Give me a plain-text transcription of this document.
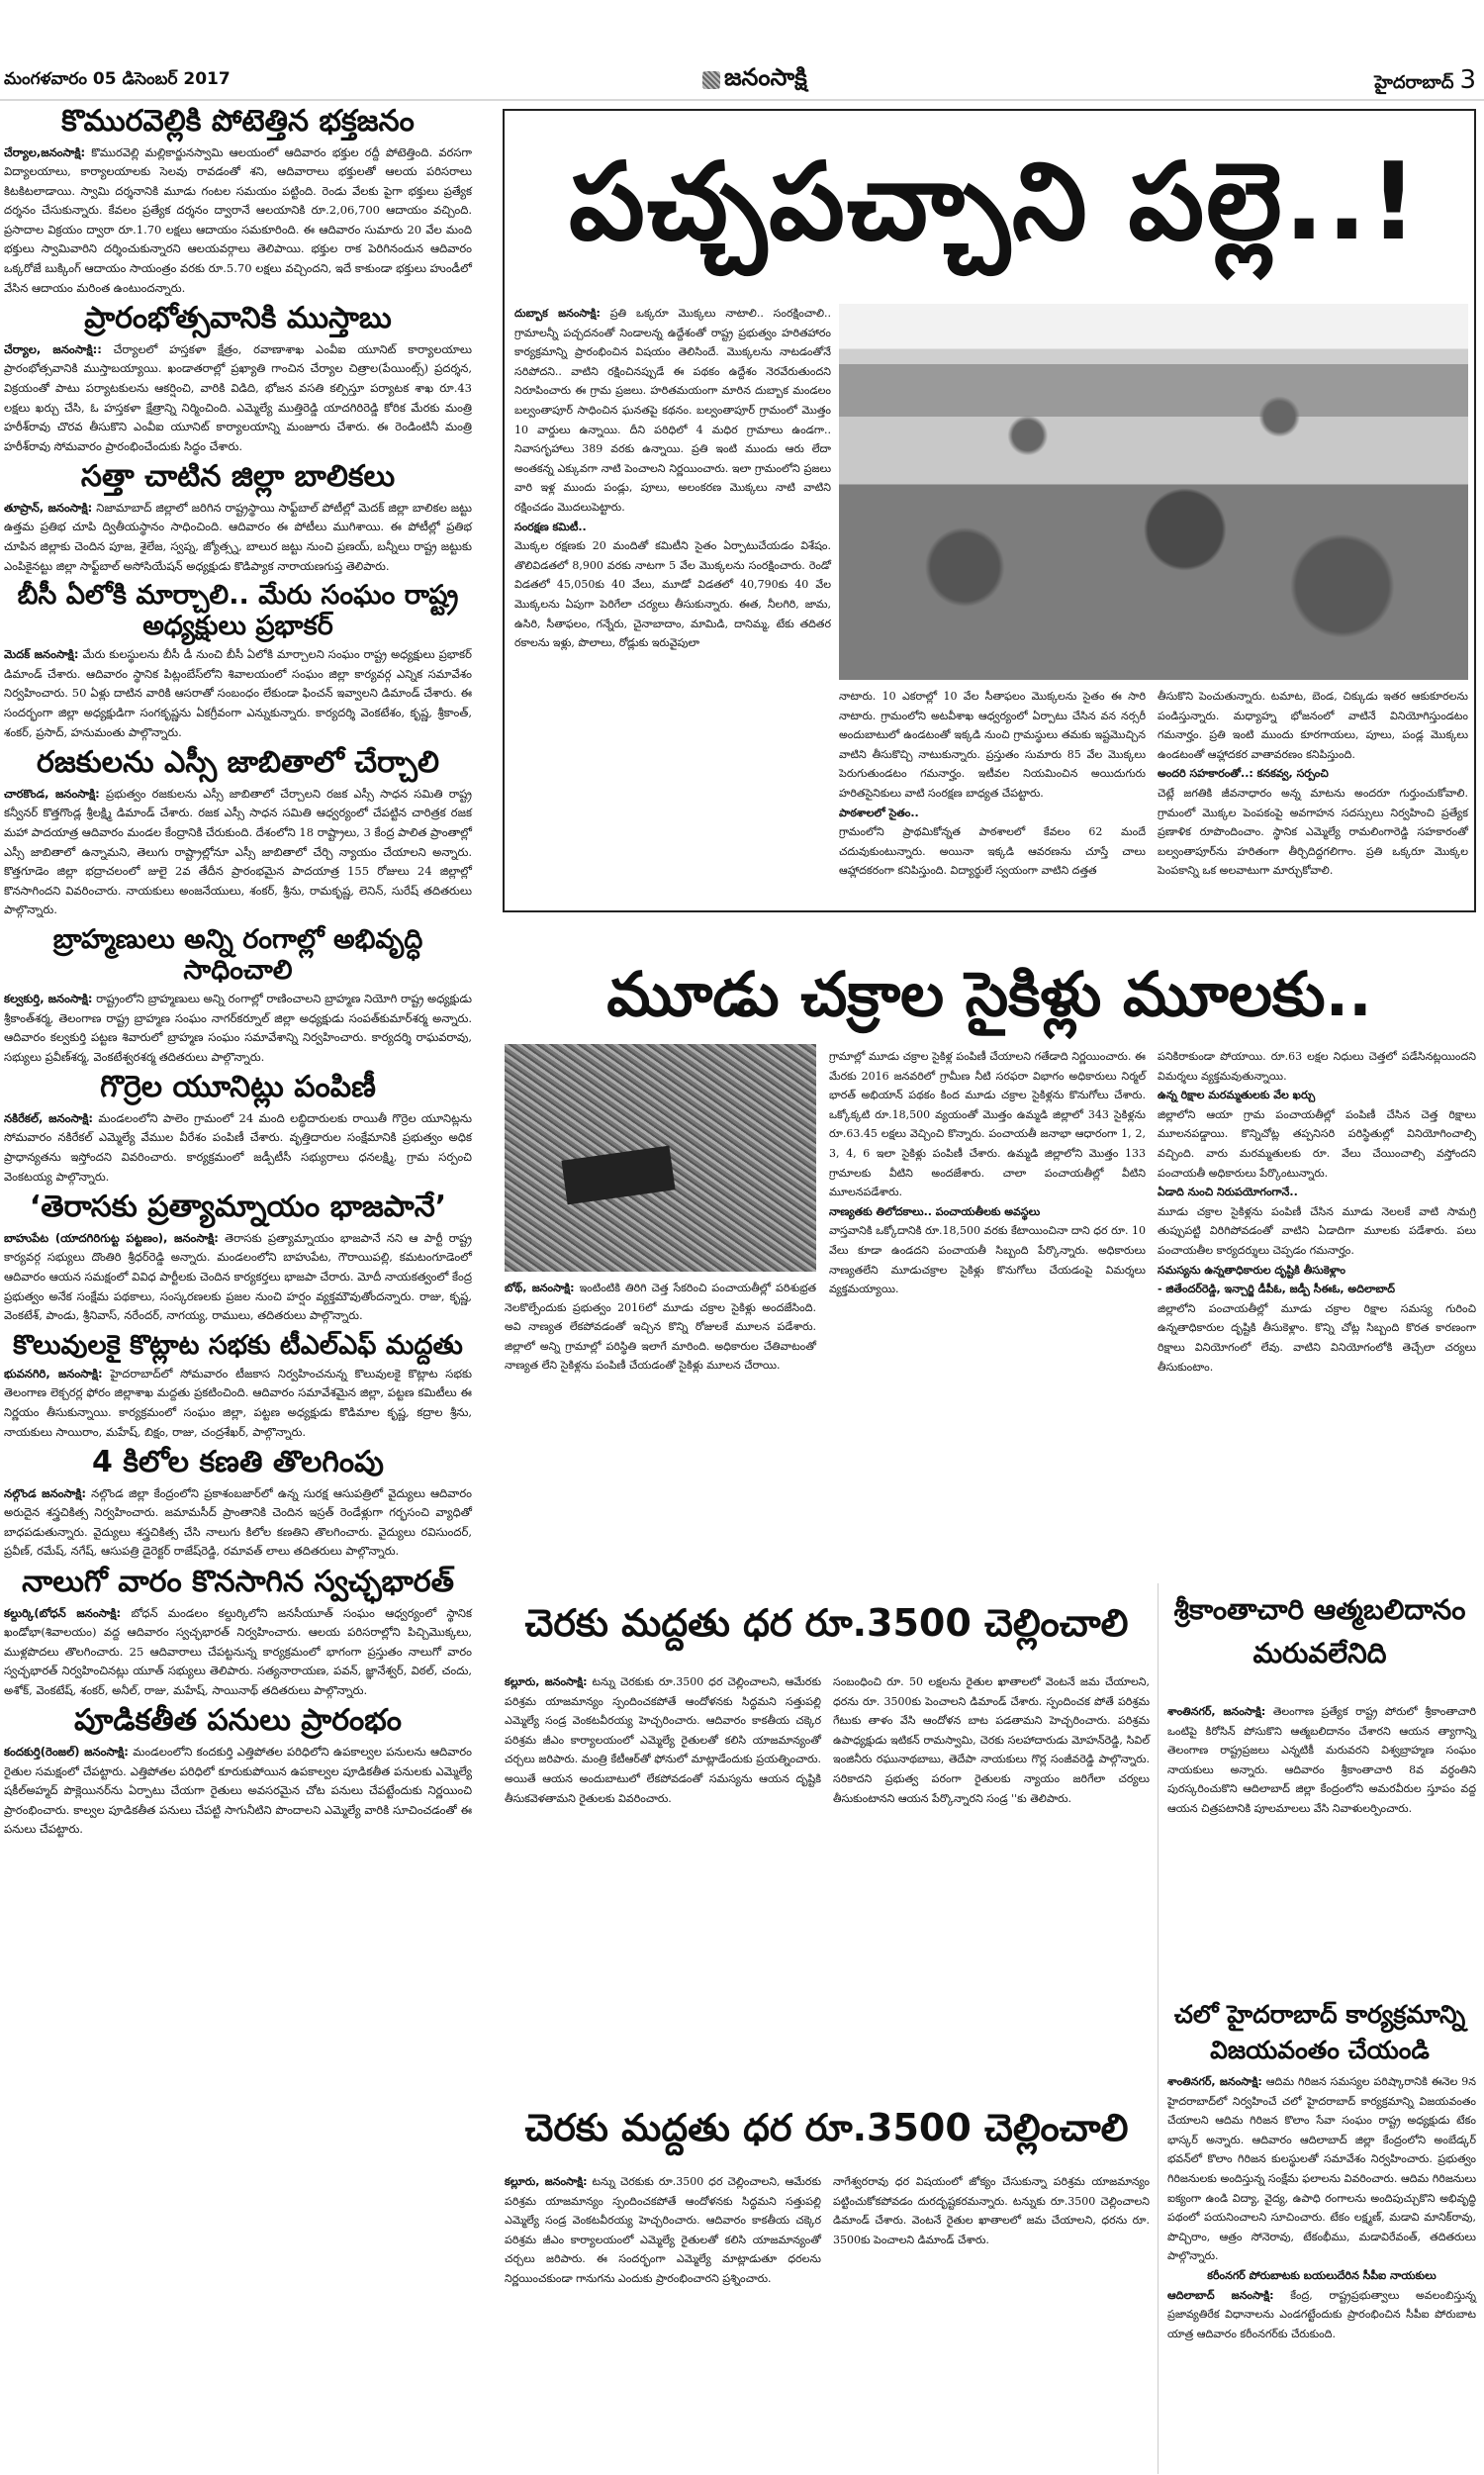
మంగళవారం 05 డిసెంబర్ 2017	జనంసాక్షి	హైదరాబాద్ 3
కొమురవెల్లికి పోటెత్తిన భక్తజనం

చేర్యాల,జనంసాక్షి: కొమురవెల్లి మల్లికార్జునస్వామి ఆలయంలో ఆదివారం భక్తుల రద్దీ పోటెత్తింది. వరసగా విద్యాలయాలు, కార్యాలయాలకు సెలవు రావడంతో శని, ఆదివారాలు భక్తులతో ఆలయ పరిసరాలు కిటకిటలాడాయి. స్వామి దర్శనానికి మూడు గంటల సమయం పట్టింది. రెండు వేలకు పైగా భక్తులు ప్రత్యేక దర్శనం చేసుకున్నారు. కేవలం ప్రత్యేక దర్శనం ద్వారానే ఆలయానికి రూ.2,06,700 ఆదాయం వచ్చింది. ప్రసాదాల విక్రయం ద్వారా రూ.1.70 లక్షలు ఆదాయం సమకూరింది. ఈ ఆదివారం సుమారు 20 వేల మంది భక్తులు స్వామివారిని దర్శించుకున్నారని ఆలయవర్గాలు తెలిపాయి. భక్తుల రాక పెరిగినందున ఆదివారం ఒక్కరోజే బుక్కింగ్ ఆదాయం సాయంత్రం వరకు రూ.5.70 లక్షలు వచ్చిందని, ఇదే కాకుండా భక్తులు హుండీలో వేసిన ఆదాయం మరింత ఉంటుందన్నారు.

ప్రారంభోత్సవానికి ముస్తాబు

చేర్యాల, జనంసాక్షి:: చేర్యాలలో హస్తకళా క్షేత్రం, రవాణాశాఖ ఎంవీఐ యూనిట్ కార్యాలయాలు ప్రారంభోత్సవానికి ముస్తాబయ్యాయి. ఖండాతరాల్లో ప్రఖ్యాతి గాంచిన చేర్యాల చిత్రాల(పేయింట్స్) ప్రదర్శన, విక్రయంతో పాటు పర్యాటకులను ఆకర్షించి, వారికి విడిది, భోజన వసతి కల్పిస్తూ పర్యాటక శాఖ రూ.43 లక్షలు ఖర్చు చేసి, ఓ హస్తకళా క్షేత్రాన్ని నిర్మించింది. ఎమ్మెల్యే ముత్తిరెడ్డి యాదగిరిరెడ్డి కోరిక మేరకు మంత్రి హరీశ్‌రావు చొరవ తీసుకొని ఎంవీఐ యూనిట్ కార్యాలయాన్ని మంజూరు చేశారు. ఈ రెండింటినీ మంత్రి హరీశ్‌రావు సోమవారం ప్రారంభించేందుకు సిద్ధం చేశారు.

సత్తా చాటిన జిల్లా బాలికలు

తూప్రాన్, జనంసాక్షి: నిజామాబాద్ జిల్లాలో జరిగిన రాష్ట్రస్థాయి సాఫ్ట్‌బాల్ పోటీల్లో మెదక్ జిల్లా బాలికల జట్టు ఉత్తమ ప్రతిభ చూపి ద్వితీయస్థానం సాధించింది. ఆదివారం ఈ పోటీలు ముగిశాయి. ఈ పోటీల్లో ప్రతిభ చూపిన జిల్లాకు చెందిన పూజ, శైలేజ, స్వప్న, జ్యోత్స్న, బాలుర జట్టు నుంచి ప్రణయ్, బన్నీలు రాష్ట్ర జట్టుకు ఎంపికైనట్టు జిల్లా సాఫ్ట్‌బాల్ అసోసియేషన్ అధ్యక్షుడు కొడిప్యాక నారాయణగుప్త తెలిపారు.

బీసీ ఏలోకి మార్చాలి.. మేరు సంఘం రాష్ట్ర అధ్యక్షులు ప్రభాకర్

మెదక్ జనంసాక్షి: మేరు కులస్థులను బీసీ డీ నుంచి బీసీ ఏలోకి మార్చాలని సంఘం రాష్ట్ర అధ్యక్షులు ప్రభాకర్ డిమాండ్ చేశారు. ఆదివారం స్థానిక పిట్లంబేస్‌లోని శివాలయంలో సంఘం జిల్లా కార్యవర్గ ఎన్నిక సమావేశం నిర్వహించారు. 50 ఏళ్లు దాటిన వారికి ఆసరాతో సంబంధం లేకుండా ఫించన్ ఇవ్వాలని డిమాండ్ చేశారు. ఈ సందర్భంగా జిల్లా అధ్యక్షుడిగా సంగకృష్ణను ఏకగ్రీవంగా ఎన్నుకున్నారు. కార్యదర్శి వెంకటేశం, కృష్ణ, శ్రీకాంత్, శంకర్, ప్రసాద్, హనుమంతు పాల్గొన్నారు.

రజకులను ఎస్సీ జాబితాలో చేర్చాలి

చారకొండ, జనంసాక్షి: ప్రభుత్వం రజకులను ఎస్సీ జాబితాలో చేర్చాలని రజక ఎస్సీ సాధన సమితి రాష్ట్ర కన్వీనర్ కొత్తగొండ్ల శ్రీలక్ష్మి డిమాండ్ చేశారు. రజక ఎస్సీ సాధన సమితి ఆధ్వర్యంలో చేపట్టిన చారిత్రక రజక మహా పాదయాత్ర ఆదివారం మండల కేంద్రానికి చేరుకుంది. దేశంలోని 18 రాష్ట్రాలు, 3 కేంద్ర పాలిత ప్రాంతాల్లో ఎస్సీ జాబితాలో ఉన్నామని, తెలుగు రాష్ట్రాల్లోనూ ఎస్సీ జాబితాలో చేర్చి న్యాయం చేయాలని అన్నారు. కొత్తగూడెం జిల్లా భద్రాచలంలో జులై 2వ తేదీన ప్రారంభమైన పాదయాత్ర 155 రోజులు 24 జిల్లాల్లో కొనసాగిందని వివరించారు. నాయకులు అంజనేయులు, శంకర్, శ్రీను, రామకృష్ణ, లెనిన్, సురేష్ తదితరులు పాల్గొన్నారు.

బ్రాహ్మణులు అన్ని రంగాల్లో అభివృద్ధి సాధించాలి

కల్వకుర్తి, జనంసాక్షి: రాష్ట్రంలోని బ్రాహ్మణులు అన్ని రంగాల్లో రాణించాలని బ్రాహ్మణ నియోగి రాష్ట్ర అధ్యక్షుడు శ్రీకాంత్‌శర్మ, తెలంగాణ రాష్ట్ర బ్రాహ్మణ సంఘం నాగర్‌కర్నూల్ జిల్లా అధ్యక్షుడు సంపత్‌కుమార్‌శర్మ అన్నారు. ఆదివారం కల్వకుర్తి పట్టణ శివారులో బ్రాహ్మణ సంఘం సమావేశాన్ని నిర్వహించారు. కార్యదర్శి రాఘవరావు, సభ్యులు ప్రవీణ్‌శర్మ, వెంకటేశ్వరశర్మ తదితరులు పాల్గొన్నారు.

గొర్రెల యూనిట్లు పంపిణీ

నకిరేకల్, జనంసాక్షి: మండలంలోని పాలెం గ్రామంలో 24 మంది లబ్ధిదారులకు రాయితీ గొర్రెల యూనిట్లను సోమవారం నకిరేకల్ ఎమ్మెల్యే వేముల వీరేశం పంపిణీ చేశారు. వృత్తిదారుల సంక్షేమానికి ప్రభుత్వం అధిక ప్రాధాన్యతను ఇస్తోందని వివరించారు. కార్యక్రమంలో జడ్పీటీసీ సభ్యురాలు ధనలక్ష్మి, గ్రామ సర్పంచి వెంకటయ్య పాల్గొన్నారు.

‘తెరాసకు ప్రత్యామ్నాయం భాజపానే’

బాహుపేట (యాదగిరిగుట్ట పట్టణం), జనంసాక్షి: తెరాసకు ప్రత్యామ్నాయం భాజపానే నని ఆ పార్టీ రాష్ట్ర కార్యవర్గ సభ్యులు దొంతిరి శ్రీధర్‌రెడ్డి అన్నారు. మండలంలోని బాహుపేట, గౌరాయిపల్లి, కమటంగూడెంలో ఆదివారం ఆయన సమక్షంలో వివిధ పార్టీలకు చెందిన కార్యకర్తలు భాజపా చేరారు. మోదీ నాయకత్వంలో కేంద్ర ప్రభుత్వం అనేక సంక్షేమ పథకాలు, సంస్కరణలకు ప్రజల నుంచి హర్షం వ్యక్తమౌవుతోందన్నారు. రాజు, కృష్ణ, వెంకటేశ్, పాండు, శ్రీనివాస్, నరేందర్, నాగయ్య, రాములు, తదితరులు పాల్గొన్నారు.

కొలువులకై కొట్లాట సభకు టీఎల్‌ఎఫ్ మద్దతు

భువనగిరి, జనంసాక్షి: హైదరాబాద్‌లో సోమవారం టీజకాస నిర్వహించనున్న కొలువులకై కొట్లాట సభకు తెలంగాణ లెక్చరర్ల ఫోరం జిల్లాశాఖ మద్దతు ప్రకటించింది. ఆదివారం సమావేశమైన జిల్లా, పట్టణ కమిటీలు ఈ నిర్ణయం తీసుకున్నాయి. కార్యక్రమంలో సంఘం జిల్లా, పట్టణ అధ్యక్షుడు కొడిమాల కృష్ణ, కద్రాల శ్రీను, నాయకులు సాయిరాం, మహేష్, బిక్షం, రాజు, చంద్రశేఖర్, పాల్గొన్నారు.

4 కిలోల కణతి తొలగింపు

నల్గొండ జనంసాక్షి: నల్గొండ జిల్లా కేంద్రంలోని ప్రకాశంబజార్‌లో ఉన్న సురక్ష ఆసుపత్రిలో వైద్యులు ఆదివారం అరుదైన శస్త్రచికిత్స నిర్వహించారు. జమామసీద్ ప్రాంతానికి చెందిన ఇస్రత్ రెండేళ్లుగా గర్భసంచి వ్యాధితో బాధపడుతున్నారు. వైద్యులు శస్త్రచికిత్స చేసి నాలుగు కిలోల కణతిని తొలగించారు. వైద్యులు రవిసుందర్, ప్రవీణ్, రమేష్, నగేష్, ఆసుపత్రి డైరెక్టర్ రాజేష్‌రెడ్డి, రమావత్ లాలు తదితరులు పాల్గొన్నారు.

నాలుగో వారం కొనసాగిన స్వచ్ఛభారత్

కల్దుర్కి(బోధన్ జనంసాక్షి: బోధన్ మండలం కల్దుర్కిలోని జనసీయూత్ సంఘం ఆధ్వర్యంలో స్థానిక ఖండోభా(శివాలయం) వద్ద ఆదివారం స్వచ్ఛభారత్ నిర్వహించారు. ఆలయ పరిసరాల్లోని పిచ్చిమొక్కలు, ముళ్లపొదలు తొలగించారు. 25 ఆదివారాలు చేపట్టనున్న కార్యక్రమంలో భాగంగా ప్రస్తుతం నాలుగో వారం స్వచ్ఛభారత్ నిర్వహించినట్లు యూత్ సభ్యులు తెలిపారు. సత్యనారాయణ, పవన్, జ్ఞానేశ్వర్, విఠల్, చందు, అశోక్, వెంకటేష్, శంకర్, అనీల్, రాజు, మహేష్, సాయినాథ్ తదితరులు పాల్గొన్నారు.

పూడికతీత పనులు ప్రారంభం

కందకుర్తి(రెంజల్) జనంసాక్షి: మండలంలోని కందకుర్తి ఎత్తిపోతల పరిధిలోని ఉపకాల్వల పనులను ఆదివారం రైతుల సమక్షంలో చేపట్టారు. ఎత్తిపోతల పరిధిలో కూరుకుపోయిన ఉపకాల్వల పూడికతీత పనులకు ఎమ్మెల్యే షకీల్అహ్మద్ పొక్లెయినర్‌ను ఏర్పాటు చేయగా రైతులు అవసరమైన చోట పనులు చేపట్టేందుకు నిర్ణయించి ప్రారంభించారు. కాల్వల పూడికతీత పనులు చేపట్టి సాగునీటిని పొందాలని ఎమ్మెల్యే వారికి సూచించడంతో ఈ పనులు చేపట్టారు.

పచ్చపచ్చాని పల్లె..!
దుబ్బాక జనంసాక్షి: ప్రతి ఒక్కరూ మొక్కలు నాటాలి.. సంరక్షించాలి.. గ్రామాలన్నీ పచ్చదనంతో నిండాలన్న ఉద్దేశంతో రాష్ట్ర ప్రభుత్వం హరితహారం కార్యక్రమాన్ని ప్రారంభించిన విషయం తెలిసిందే. మొక్కలను నాటడంతోనే సరిపోదని.. వాటిని రక్షించినప్పుడే ఈ పథకం ఉద్దేశం నెరవేరుతుందని నిరూపించారు ఈ గ్రామ ప్రజలు. హరితమయంగా మారిన దుబ్బాక మండలం బల్వంతాపూర్ సాధించిన ఘనతపై కథనం. బల్వంతాపూర్ గ్రామంలో మొత్తం 10 వార్డులు ఉన్నాయి. దీని పరిధిలో 4 మధిర గ్రామాలు ఉండగా.. నివాసగృహాలు 389 వరకు ఉన్నాయి. ప్రతి ఇంటి ముందు ఆరు లేదా అంతకన్న ఎక్కువగా నాటి పెంచాలని నిర్ణయించారు. ఇలా గ్రామంలోని ప్రజలు వారి ఇళ్ల ముందు పండ్లు, పూలు, అలంకరణ మొక్కలు నాటి వాటిని రక్షించడం మొదలుపెట్టారు.
సంరక్షణ కమిటీ..
మొక్కల రక్షణకు 20 మందితో కమిటీని సైతం ఏర్పాటుచేయడం విశేషం. తొలివిడతలో 8,900 వరకు నాటగా 5 వేల మొక్కలను సంరక్షించారు. రెండో విడతలో 45,050కు 40 వేలు, మూడో విడతలో 40,790కు 40 వేల మొక్కలను ఏపుగా పెరిగేలా చర్యలు తీసుకున్నారు. ఈత, నీలగిరి, జామ, ఉసిరి, సీతాఫలం, గన్నేరు, చైనాబాదాం, మామిడి, దానిమ్మ, టేకు తదితర రకాలను ఇళ్లు, పొలాలు, రోడ్లుకు ఇరువైపులా
నాటారు. 10 ఎకరాల్లో 10 వేల సీతాఫలం మొక్కలను సైతం ఈ సారి నాటారు. గ్రామంలోని అటవీశాఖ ఆధ్వర్యంలో ఏర్పాటు చేసిన వన నర్సరీ అందుబాటులో ఉండటంతో ఇక్కడి నుంచి గ్రామస్థులు తమకు ఇష్టమొచ్చిన వాటిని తీసుకొచ్చి నాటుకున్నారు. ప్రస్తుతం సుమారు 85 వేల మొక్కలు పెరుగుతుండటం గమనార్హం. ఇటీవల నియమించిన అయిదుగురు హరితసైనికులు వాటి సంరక్షణ బాధ్యత చేపట్టారు.
పాఠశాలలో సైతం..
గ్రామంలోని ప్రాథమికోన్నత పాఠశాలలో కేవలం 62 మందే చదువుకుంటున్నారు. అయినా ఇక్కడి ఆవరణను చూస్తే చాలు ఆహ్లాదకరంగా కనిపిస్తుంది. విద్యార్థులే స్వయంగా వాటిని దత్తత
తీసుకొని పెంచుతున్నారు. టమాట, బెండ, చిక్కుడు ఇతర ఆకుకూరలను పండిస్తున్నారు. మధ్యాహ్న భోజనంలో వాటినే వినియోగిస్తుండటం గమనార్హం. ప్రతి ఇంటి ముందు కూరగాయలు, పూలు, పండ్ల మొక్కలు ఉండటంతో ఆహ్లాదకర వాతావరణం కనిపిస్తుంది.
అందరి సహకారంతో..: కనకవ్వ, సర్పంచి
చెట్లే జగతికి జీవనాధారం అన్న మాటను అందరూ గుర్తుంచుకోవాలి. గ్రామంలో మొక్కల పెంపకంపై అవగాహన సదస్సులు నిర్వహించి ప్రత్యేక ప్రణాళిక రూపొందించాం. స్థానిక ఎమ్మెల్యే రామలింగారెడ్డి సహకారంతో బల్వంతాపూర్‌ను హరితంగా తీర్చిదిద్దగలిగాం. ప్రతి ఒక్కరూ మొక్కల పెంపకాన్ని ఒక అలవాటుగా మార్చుకోవాలి.
మూడు చక్రాల సైకిళ్లు మూలకు..
బోథ్, జనంసాక్షి: ఇంటింటికి తిరిగి చెత్త సేకరించి పంచాయతీల్లో పరిశుభ్రత నెలకొల్పేందుకు ప్రభుత్వం 2016లో మూడు చక్రాల సైకిళ్లు అందజేసింది. అవి నాణ్యత లేకపోవడంతో ఇచ్చిన కొన్ని రోజులకే మూలన పడేశారు. జిల్లాలో అన్ని గ్రామాల్లో పరిస్థితి ఇలాగే మారింది. అధికారుల చేతివాటంతో నాణ్యత లేని సైకిళ్లను పంపిణీ చేయడంతో సైకిళ్లు మూలన చేరాయి.
గ్రామాల్లో మూడు చక్రాల సైకిళ్ల పంపిణీ చేయాలని గతేడాది నిర్ణయించారు. ఈ మేరకు 2016 జనవరిలో గ్రామీణ నీటి సరఫరా విభాగం అధికారులు నిర్మల్ భారత్ అభియాన్ పథకం కింద మూడు చక్రాల సైకిళ్లను కొనుగోలు చేశారు. ఒక్కోక్కటి రూ.18,500 వ్యయంతో మొత్తం ఉమ్మడి జిల్లాలో 343 సైకిళ్లను రూ.63.45 లక్షలు వెచ్చించి కొన్నారు. పంచాయతీ జనాభా ఆధారంగా 1, 2, 3, 4, 6 ఇలా సైకిళ్లు పంపిణీ చేశారు. ఉమ్మడి జిల్లాలోని మొత్తం 133 గ్రామాలకు వీటిని అందజేశారు. చాలా పంచాయతీల్లో వీటిని మూలనపడేశారు.
నాణ్యతకు తిలోదకాలు.. పంచాయతీలకు అవస్థలు
వాస్తవానికి ఒక్కోదానికి రూ.18,500 వరకు కేటాయించినా దాని ధర రూ. 10 వేలు కూడా ఉండదని పంచాయతీ సిబ్బంది పేర్కొన్నారు. అధికారులు నాణ్యతలేని మూడుచక్రాల సైకిళ్లు కొనుగోలు చేయడంపై విమర్శలు వ్యక్తమయ్యాయి.
పనికిరాకుండా పోయాయి. రూ.63 లక్షల నిధులు చెత్తలో పడేసినట్లయిందని విమర్శలు వ్యక్తమవుతున్నాయి.
ఉన్న రిక్షాల మరమ్మతులకు వేల ఖర్చు
జిల్లాలోని ఆయా గ్రామ పంచాయతీల్లో పంపిణీ చేసిన చెత్త రిక్షాలు మూలనపడ్డాయి. కొన్నిచోట్ల తప్పనిసరి పరిస్థితుల్లో వినియోగించాల్సి వచ్చింది. వారు మరమ్మతులకు రూ. వేలు చేయించాల్సి వస్తోందని పంచాయతీ అధికారులు పేర్కొంటున్నారు.
ఏడాది నుంచి నిరుపయోగంగానే..
మూడు చక్రాల సైకిళ్లను పంపిణీ చేసిన మూడు నెలలకే వాటి సామగ్రి తుప్పుపట్టి విరిగిపోవడంతో వాటిని ఏడాదిగా మూలకు పడేశారు. పలు పంచాయతీల కార్యదర్శులు చెప్పడం గమనార్హం.
సమస్యను ఉన్నతాధికారుల దృష్టికి తీసుకెళ్లాం
- జితేందర్‌రెడ్డి, ఇన్చార్జి డీపీఓ, జడ్పీ సీఈఓ, అదిలాబాద్
జిల్లాలోని పంచాయతీల్లో మూడు చక్రాల రిక్షాల సమస్య గురించి ఉన్నతాధికారుల దృష్టికి తీసుకెళ్లాం. కొన్ని చోట్ల సిబ్బంది కొరత కారణంగా రిక్షాలు వినియోగంలో లేవు. వాటిని వినియోగంలోకి తెచ్చేలా చర్యలు తీసుకుంటాం.
చెరకు మద్దతు ధర రూ.3500 చెల్లించాలి
కల్లూరు, జనంసాక్షి: టన్ను చెరకుకు రూ.3500 ధర చెల్లించాలని, ఆమేరకు పరిశ్రమ యాజమాన్యం స్పందించకపోతే ఆందోళనకు సిద్ధమని సత్తుపల్లి ఎమ్మెల్యే సండ్ర వెంకటవీరయ్య హెచ్చరించారు. ఆదివారం కాకతీయ చక్కెర పరిశ్రమ జీఎం కార్యాలయంలో ఎమ్మెల్యే రైతులతో కలిసి యాజమాన్యంతో చర్చలు జరిపారు. మంత్రి కేటీఆర్‌తో ఫోనులో మాట్లాడేందుకు ప్రయత్నించారు. అయితే ఆయన అందుబాటులో లేకపోవడంతో సమస్యను ఆయన దృష్టికి తీసుకవెళతామని రైతులకు వివరించారు.
సంబంధించి రూ. 50 లక్షలను రైతుల ఖాతాలలో వెంటనే జమ చేయాలని, ధరను రూ. 3500కు పెంచాలని డిమాండ్ చేశారు. స్పందించక పోతే పరిశ్రమ గేటుకు తాళం వేసి ఆందోళన బాట పడతామని హెచ్చరించారు. పరిశ్రమ ఉపాధ్యక్షుడు ఇటికన్ రామస్వామి, చెరకు సలహాదారుడు మోహన్‌రెడ్డి, సివిల్ ఇంజినీరు రఘునాథబాబు, తెదేపా నాయకులు గొర్ల సంజీవరెడ్డి పాల్గొన్నారు. సరికాదని ప్రభుత్వ పరంగా రైతులకు న్యాయం జరిగేలా చర్యలు తీసుకుంటానని ఆయన పేర్కొన్నారని సండ్ర ''కు తెలిపారు.
చెరకు మద్దతు ధర రూ.3500 చెల్లించాలి
కల్లూరు, జనంసాక్షి: టన్ను చెరకుకు రూ.3500 ధర చెల్లించాలని, ఆమేరకు పరిశ్రమ యాజమాన్యం స్పందించకపోతే ఆందోళనకు సిద్ధమని సత్తుపల్లి ఎమ్మెల్యే సండ్ర వెంకటవీరయ్య హెచ్చరించారు. ఆదివారం కాకతీయ చక్కెర పరిశ్రమ జీఎం కార్యాలయంలో ఎమ్మెల్యే రైతులతో కలిసి యాజమాన్యంతో చర్చలు జరిపారు. ఈ సందర్భంగా ఎమ్మెల్యే మాట్లాడుతూ ధరలను నిర్ణయించకుండా గానుగను ఎందుకు ప్రారంభించారని ప్రశ్నించారు.
నాగేశ్వరరావు ధర విషయంలో జోక్యం చేసుకున్నా పరిశ్రమ యాజమాన్యం పట్టించుకోకపోవడం దురదృష్టకరమన్నారు. టన్నుకు రూ.3500 చెల్లించాలని డిమాండ్ చేశారు. వెంటనే రైతుల ఖాతాలలో జమ చేయాలని, ధరను రూ. 3500కు పెంచాలని డిమాండ్ చేశారు.
శ్రీకాంతాచారి ఆత్మబలిదానం మరువలేనిది
శాంతినగర్, జనంసాక్షి: తెలంగాణ ప్రత్యేక రాష్ట్ర పోరులో శ్రీకాంతాచారి ఒంటిపై కిరోసిన్ పోసుకొని ఆత్మబలిదానం చేశారని ఆయన త్యాగాన్ని తెలంగాణ రాష్ట్రప్రజలు ఎన్నటికీ మరువరని విశ్వబ్రాహ్మణ సంఘం నాయకులు అన్నారు. ఆదివారం శ్రీకాంతాచారి 8వ వర్ధంతిని పురస్కరించుకొని ఆదిలాబాద్ జిల్లా కేంద్రంలోని అమరవీరుల స్తూపం వద్ద ఆయన చిత్రపటానికి పూలమాలలు వేసి నివాళులర్పించారు.
చలో హైదరాబాద్ కార్యక్రమాన్ని విజయవంతం చేయండి
శాంతినగర్, జనంసాక్షి: ఆదిమ గిరిజన సమస్యల పరిష్కారానికి ఈనెల 9న హైదరాబాద్‌లో నిర్వహించే చలో హైదరాబాద్ కార్యక్రమాన్ని విజయవంతం చేయాలని ఆదిమ గిరిజన కొలాం సేవా సంఘం రాష్ట్ర అధ్యక్షుడు టేకం భాస్కర్ అన్నారు. ఆదివారం ఆదిలాబాద్ జిల్లా కేంద్రంలోని అంబేడ్కర్ భవన్‌లో కొలాం గిరిజన కులస్థులతో సమావేశం నిర్వహించారు. ప్రభుత్వం గిరిజనులకు అందిస్తున్న సంక్షేమ ఫలాలను వివరించారు. ఆదిమ గిరిజనులు ఐక్యంగా ఉండి విద్యా, వైద్య, ఉపాధి రంగాలను అందిపుచ్చుకొని అభివృద్ధి పథంలో పయనించాలని సూచించారు. టేకం లక్ష్మణ్, మడావి మానిక్‌రావు, పొచ్చిరాం, ఆత్రం సోనెరావు, టేకంభీము, మడావిరేవంత్, తదితరులు పాల్గొన్నారు.
కరీంనగర్ పోరుబాటకు బయలుదేరిన సీపీఐ నాయకులు
ఆదిలాబాద్ జనంసాక్షి: కేంద్ర, రాష్ట్రప్రభుత్వాలు అవలంబిస్తున్న ప్రజావ్యతిరేక విధానాలను ఎండగట్టేందుకు ప్రారంభించిన సీపీఐ పోరుబాట యాత్ర ఆదివారం కరీంనగర్‌కు చేరుకుంది.
